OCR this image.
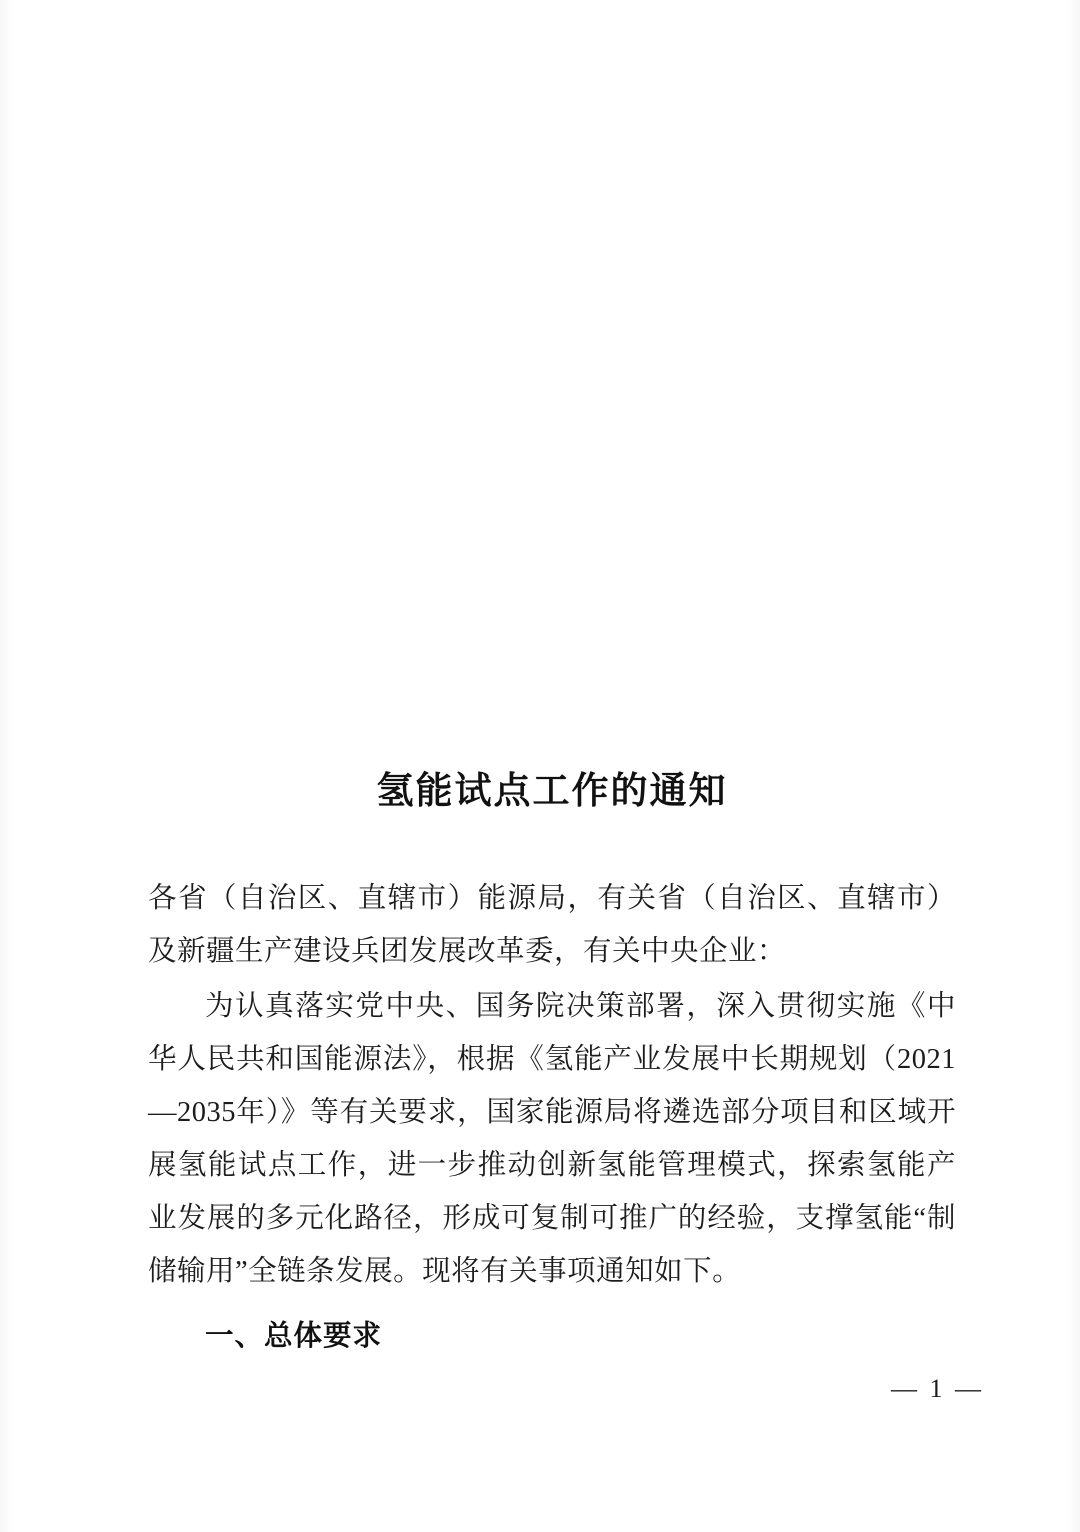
氢能试点工作的通知

各省（自治区、直辖市）能源局，有关省（自治区、直辖市）及新疆生产建设兵团发展改革委，有关中央企业：

为认真落实党中央、国务院决策部署，深入贯彻实施《中华人民共和国能源法》，根据《氢能产业发展中长期规划（2021—2035年）》等有关要求，国家能源局将遴选部分项目和区域开展氢能试点工作，进一步推动创新氢能管理模式，探索氢能产业发展的多元化路径，形成可复制可推广的经验，支撑氢能“制储输用”全链条发展。现将有关事项通知如下。

一、总体要求

— 1 —
